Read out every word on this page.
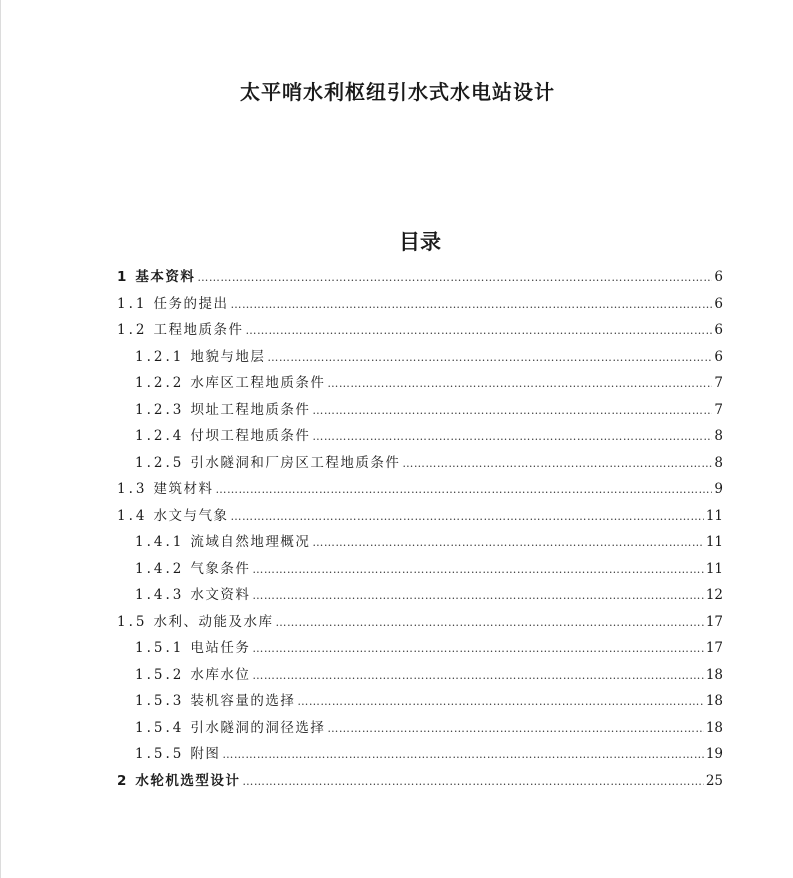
太平哨水利枢纽引水式水电站设计
目录
1 基本资料 …………………………………………………………………………………………………………………………………………………………………………………………………………………………	6
1.1 任务的提出 …………………………………………………………………………………………………………………………………………………………………………………………………………………………	6
1.2 工程地质条件 …………………………………………………………………………………………………………………………………………………………………………………………………………………………	6
1.2.1 地貌与地层 …………………………………………………………………………………………………………………………………………………………………………………………………………………………	6
1.2.2 水库区工程地质条件 …………………………………………………………………………………………………………………………………………………………………………………………………………………………	7
1.2.3 坝址工程地质条件 …………………………………………………………………………………………………………………………………………………………………………………………………………………………	7
1.2.4 付坝工程地质条件 …………………………………………………………………………………………………………………………………………………………………………………………………………………………	8
1.2.5 引水隧洞和厂房区工程地质条件 …………………………………………………………………………………………………………………………………………………………………………………………………………………………	8
1.3 建筑材料 …………………………………………………………………………………………………………………………………………………………………………………………………………………………	9
1.4 水文与气象 …………………………………………………………………………………………………………………………………………………………………………………………………………………………	11
1.4.1 流域自然地理概况 …………………………………………………………………………………………………………………………………………………………………………………………………………………………	11
1.4.2 气象条件 …………………………………………………………………………………………………………………………………………………………………………………………………………………………	11
1.4.3 水文资料 …………………………………………………………………………………………………………………………………………………………………………………………………………………………	12
1.5 水利、动能及水库 …………………………………………………………………………………………………………………………………………………………………………………………………………………………	17
1.5.1 电站任务 …………………………………………………………………………………………………………………………………………………………………………………………………………………………	17
1.5.2 水库水位 …………………………………………………………………………………………………………………………………………………………………………………………………………………………	18
1.5.3 装机容量的选择 …………………………………………………………………………………………………………………………………………………………………………………………………………………………	18
1.5.4 引水隧洞的洞径选择 …………………………………………………………………………………………………………………………………………………………………………………………………………………………	18
1.5.5 附图 …………………………………………………………………………………………………………………………………………………………………………………………………………………………	19
2 水轮机选型设计 …………………………………………………………………………………………………………………………………………………………………………………………………………………………	25
